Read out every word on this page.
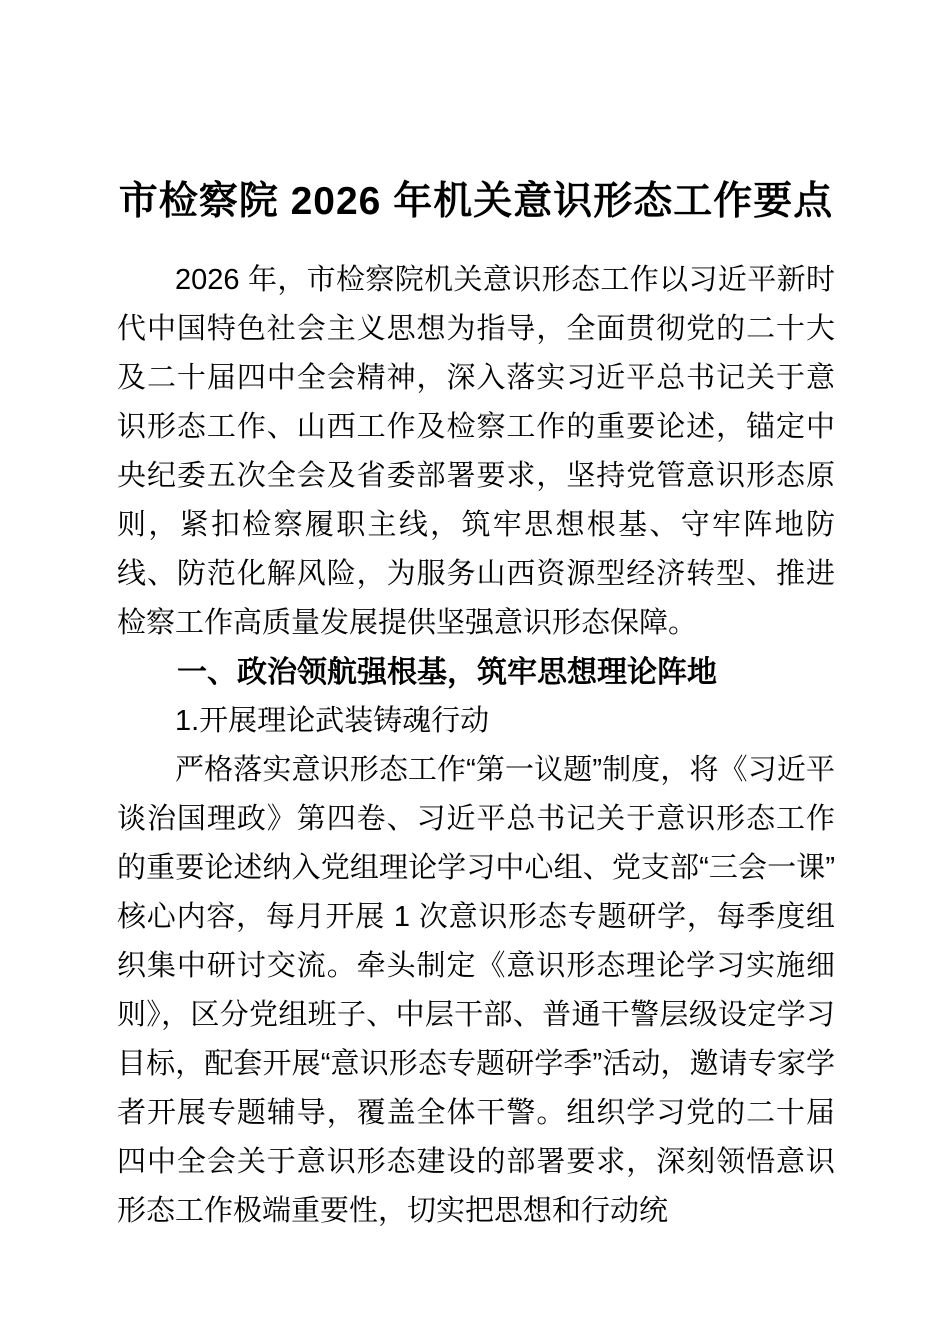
市检察院 2026 年机关意识形态工作要点

2026 年，市检察院机关意识形态工作以习近平新时代中国特色社会主义思想为指导，全面贯彻党的二十大及二十届四中全会精神，深入落实习近平总书记关于意识形态工作、山西工作及检察工作的重要论述，锚定中央纪委五次全会及省委部署要求，坚持党管意识形态原则，紧扣检察履职主线，筑牢思想根基、守牢阵地防线、防范化解风险，为服务山西资源型经济转型、推进检察工作高质量发展提供坚强意识形态保障。

一、政治领航强根基，筑牢思想理论阵地

1.开展理论武装铸魂行动

严格落实意识形态工作“第一议题”制度，将《习近平谈治国理政》第四卷、习近平总书记关于意识形态工作的重要论述纳入党组理论学习中心组、党支部“三会一课”核心内容，每月开展 1 次意识形态专题研学，每季度组织集中研讨交流。牵头制定《意识形态理论学习实施细则》，区分党组班子、中层干部、普通干警层级设定学习目标，配套开展“意识形态专题研学季”活动，邀请专家学者开展专题辅导，覆盖全体干警。组织学习党的二十届四中全会关于意识形态建设的部署要求，深刻领悟意识形态工作极端重要性，切实把思想和行动统
